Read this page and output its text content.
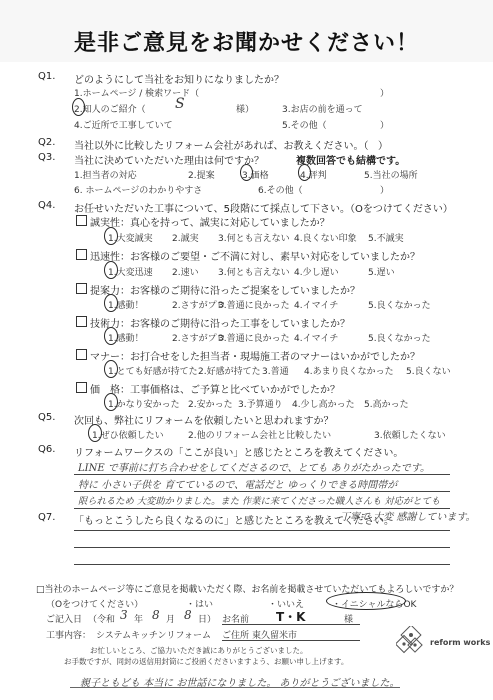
是非ご意見をお聞かせください！
Q1. どのようにして当社をお知りになりましたか？
1.ホームページ / 検索ワード（	）
2.知人のご紹介（ S	様）	3.お店の前を通って
4.ご近所で工事していて	5.その他（	）
Q2. 当社以外に比較したリフォーム会社があれば、お教えください。（ ）
Q3. 当社に決めていただいた理由は何ですか？	複数回答でも結構です。
1.担当者の対応	2.提案	3.価格	4.評判	5.当社の場所
6. ホームページのわかりやすさ	6.その他（	）
Q4. お任せいただいた工事について、5段階にて採点して下さい。（Oをつけてください）
誠実性：真心を持って、誠実に対応していましたか？
1.大変誠実 2.誠実 3.何とも言えない 4.良くない印象 5.不誠実
迅速性：お客様のご要望・ご不満に対し、素早い対応をしていましたか？
1.大変迅速 2.速い 3.何とも言えない 4.少し遅い	5.遅い
提案力：お客様のご期待に沿ったご提案をしていましたか？
1.感動！	2.さすがプロ
3.普通に良かった 4.イマイチ	5.良くなかった
技術力：お客様のご期待に沿った工事をしていましたか？
1.感動！	2.さすがプロ
3.普通に良かった 4.イマイチ	5.良くなかった
マナー：お打合せをした担当者・現場施工者のマナーはいかがでしたか？
1.とても好感が持てた 2.好感が持てた 3.普通 4.あまり良くなかった 5.良くない
価　格：工事価格は、ご予算と比べていかがでしたか？
1.かなり安かった 2.安かった 3.予算通り 4.少し高かった 5.高かった
Q5. 次回も、弊社にリフォームを依頼したいと思われますか？
1.ぜひ依頼したい	2.他のリフォーム会社と比較したい	3.依頼したくない
Q6. リフォームワークスの「ここが良い」と感じたところを教えてください。
LINE で事前に打ち合わせをしてくださるので、とても ありがたかったです。
特に 小さい子供を 育てているので、電話だと ゆっくりできる時間帯が
限られるため 大変助かりました。また 作業に来てくださった職人さんも 対応がとても
Q7. 「もっとこうしたら良くなるのに」と感じたところを教えてください。
丁寧で 大変 感謝しています。
□当社のホームページ等にご意見を掲載いただく際、お名前を掲載させていただいてもよろしいですか？
（Oをつけてください）	・はい	・いいえ	・イニシャルならOK
ご記入日 （令和 3 年 8 月 8 日） お名前 T・K	様
工事内容： システムキッチンリフォーム ご住所 東久留米市
お忙しいところ、ご協力いただき誠にありがとうございました。
お手数ですが、同封の返信用封筒にご投函くださいますよう、お願い申し上げます。
親子ともども 本当に お世話になりました。 ありがとうございました。
reform works
